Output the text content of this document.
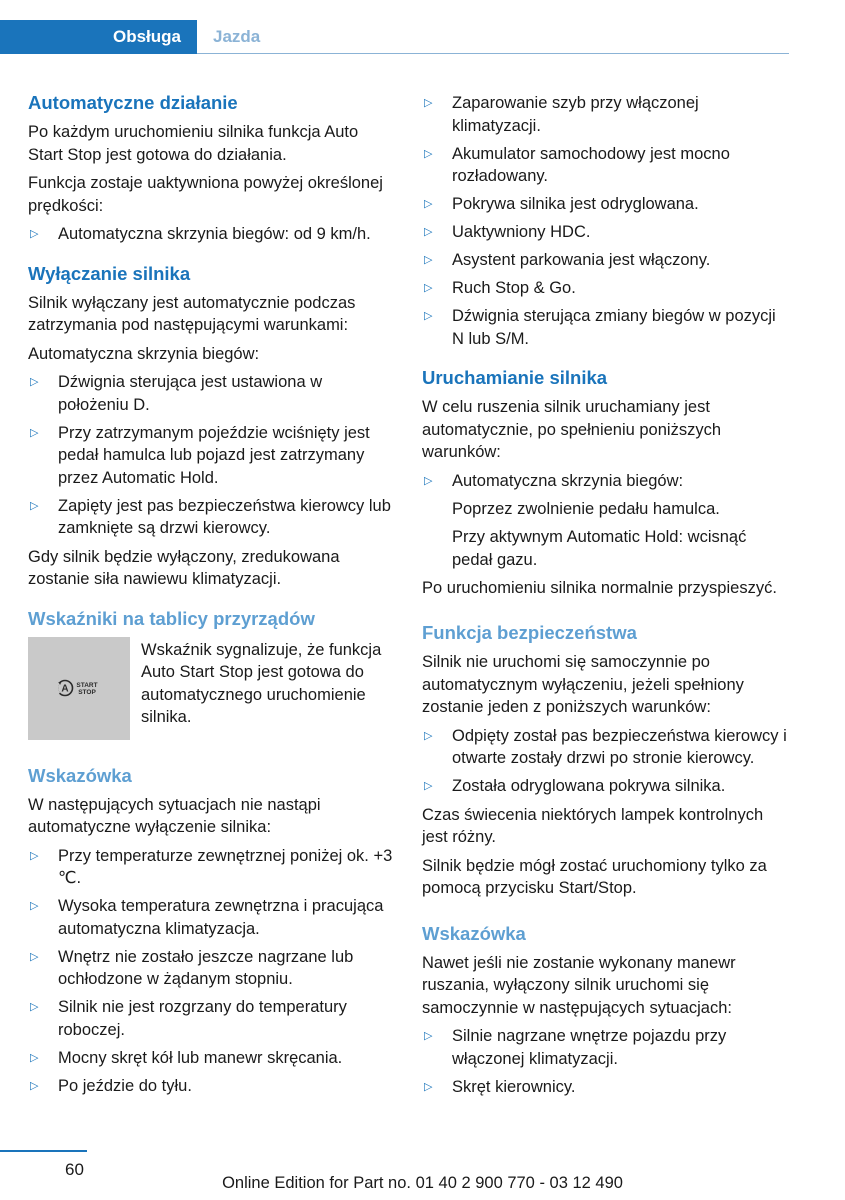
Obsługa	Jazda
Automatyczne działanie

Po każdym uruchomieniu silnika funkcja Auto Start Stop jest gotowa do działania.

Funkcja zostaje uaktywniona powyżej określonej prędkości:

▷ Automatyczna skrzynia biegów: od 9 km/h.
Wyłączanie silnika

Silnik wyłączany jest automatycznie podczas zatrzymania pod następującymi warunkami:

Automatyczna skrzynia biegów:

▷ Dźwignia sterująca jest ustawiona w położeniu D.
▷ Przy zatrzymanym pojeździe wciśnięty jest pedał hamulca lub pojazd jest zatrzymany przez Automatic Hold.
▷ Zapięty jest pas bezpieczeństwa kierowcy lub zamknięte są drzwi kierowcy.

Gdy silnik będzie wyłączony, zredukowana zostanie siła nawiewu klimatyzacji.

Wskaźniki na tablicy przyrządów
A START
STOP

Wskaźnik sygnalizuje, że funkcja Auto Start Stop jest gotowa do automatycznego uruchomienie silnika.

Wskazówka

W następujących sytuacjach nie nastąpi automatyczne wyłączenie silnika:

▷ Przy temperaturze zewnętrznej poniżej ok. +3 ℃.
▷ Wysoka temperatura zewnętrzna i pracująca automatyczna klimatyzacja.
▷ Wnętrz nie zostało jeszcze nagrzane lub ochłodzone w żądanym stopniu.
▷ Silnik nie jest rozgrzany do temperatury roboczej.
▷ Mocny skręt kół lub manewr skręcania.
▷ Po jeździe do tyłu.
▷ Zaparowanie szyb przy włączonej klimatyzacji.
▷ Akumulator samochodowy jest mocno rozładowany.
▷ Pokrywa silnika jest odryglowana.
▷ Uaktywniony HDC.
▷ Asystent parkowania jest włączony.
▷ Ruch Stop & Go.
▷ Dźwignia sterująca zmiany biegów w pozycji N lub S/M.
Uruchamianie silnika

W celu ruszenia silnik uruchamiany jest automatycznie, po spełnieniu poniższych warunków:

▷ Automatyczna skrzynia biegów:

Poprzez zwolnienie pedału hamulca.

Przy aktywnym Automatic Hold: wcisnąć pedał gazu.

Po uruchomieniu silnika normalnie przyspieszyć.

Funkcja bezpieczeństwa

Silnik nie uruchomi się samoczynnie po automatycznym wyłączeniu, jeżeli spełniony zostanie jeden z poniższych warunków:

▷ Odpięty został pas bezpieczeństwa kierowcy i otwarte zostały drzwi po stronie kierowcy.
▷ Została odryglowana pokrywa silnika.

Czas świecenia niektórych lampek kontrolnych jest różny.

Silnik będzie mógł zostać uruchomiony tylko za pomocą przycisku Start/Stop.

Wskazówka

Nawet jeśli nie zostanie wykonany manewr ruszania, wyłączony silnik uruchomi się samoczynnie w następujących sytuacjach:

▷ Silnie nagrzane wnętrze pojazdu przy włączonej klimatyzacji.
▷ Skręt kierownicy.
60
Online Edition for Part no. 01 40 2 900 770 - 03 12 490
